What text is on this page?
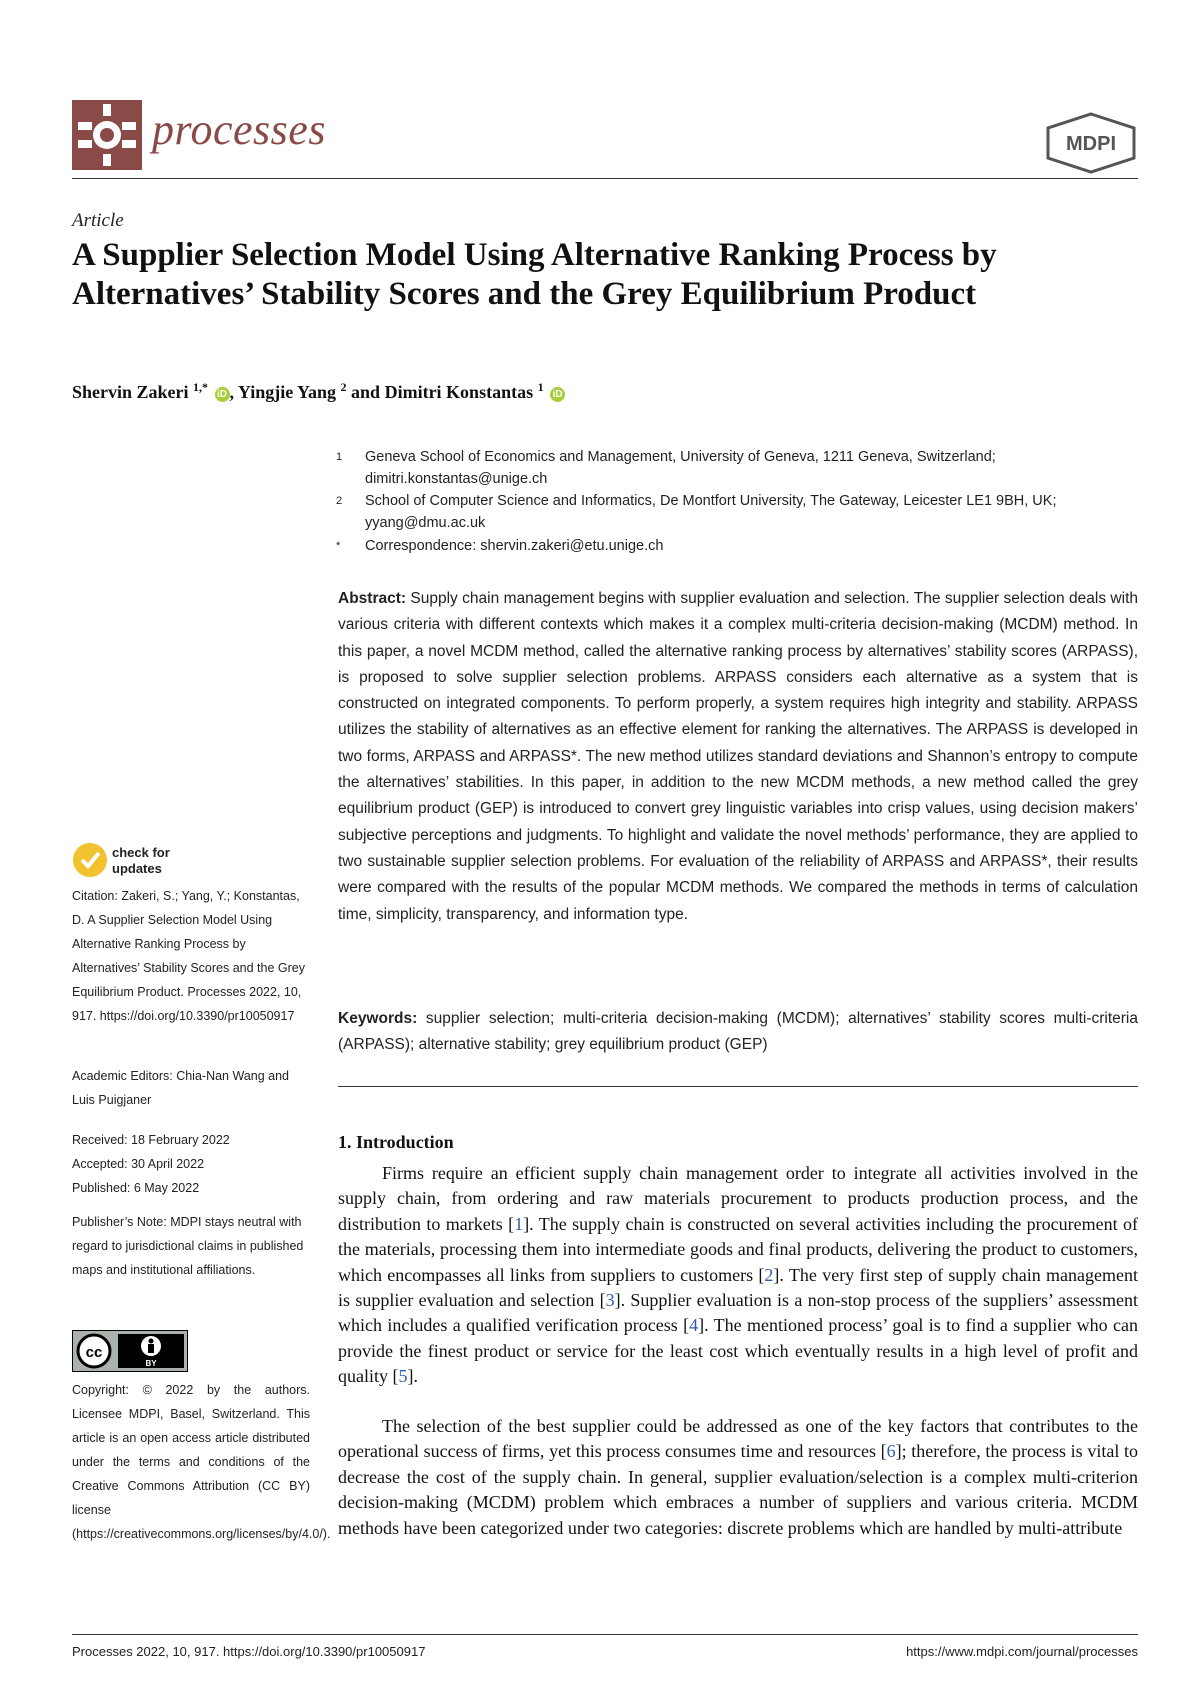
processes	MDPI
Article
A Supplier Selection Model Using Alternative Ranking Process by Alternatives’ Stability Scores and the Grey Equilibrium Product
Shervin Zakeri $^{1,*}$ iD , Yingjie Yang $^2$ and Dimitri Konstantas $^1$ iD
1 Geneva School of Economics and Management, University of Geneva, 1211 Geneva, Switzerland; dimitri.konstantas@unige.ch
2 School of Computer Science and Informatics, De Montfort University, The Gateway, Leicester LE1 9BH, UK; yyang@dmu.ac.uk
* Correspondence: shervin.zakeri@etu.unige.ch

Abstract: Supply chain management begins with supplier evaluation and selection. The supplier selection deals with various criteria with different contexts which makes it a complex multi-criteria decision-making (MCDM) method. In this paper, a novel MCDM method, called the alternative ranking process by alternatives’ stability scores (ARPASS), is proposed to solve supplier selection problems. ARPASS considers each alternative as a system that is constructed on integrated components. To perform properly, a system requires high integrity and stability. ARPASS utilizes the stability of alternatives as an effective element for ranking the alternatives. The ARPASS is developed in two forms, ARPASS and ARPASS*. The new method utilizes standard deviations and Shannon’s entropy to compute the alternatives’ stabilities. In this paper, in addition to the new MCDM methods, a new method called the grey equilibrium product (GEP) is introduced to convert grey linguistic variables into crisp values, using decision makers’ subjective perceptions and judgments. To highlight and validate the novel methods’ performance, they are applied to two sustainable supplier selection problems. For evaluation of the reliability of ARPASS and ARPASS*, their results were compared with the results of the popular MCDM methods. We compared the methods in terms of calculation time, simplicity, transparency, and information type.

Keywords: supplier selection; multi-criteria decision-making (MCDM); alternatives’ stability scores multi-criteria (ARPASS); alternative stability; grey equilibrium product (GEP)

1. Introduction

Firms require an efficient supply chain management order to integrate all activities involved in the supply chain, from ordering and raw materials procurement to products production process, and the distribution to markets [1]. The supply chain is constructed on several activities including the procurement of the materials, processing them into intermediate goods and final products, delivering the product to customers, which encompasses all links from suppliers to customers [2]. The very first step of supply chain management is supplier evaluation and selection [3]. Supplier evaluation is a non-stop process of the suppliers’ assessment which includes a qualified verification process [4]. The mentioned process’ goal is to find a supplier who can provide the finest product or service for the least cost which eventually results in a high level of profit and quality [5].

The selection of the best supplier could be addressed as one of the key factors that contributes to the operational success of firms, yet this process consumes time and resources [6]; therefore, the process is vital to decrease the cost of the supply chain. In general, supplier evaluation/selection is a complex multi-criterion decision-making (MCDM) problem which embraces a number of suppliers and various criteria. MCDM methods have been categorized under two categories: discrete problems which are handled by multi-attribute

check for
updates
Citation: Zakeri, S.; Yang, Y.; Konstantas, D. A Supplier Selection Model Using Alternative Ranking Process by Alternatives’ Stability Scores and the Grey Equilibrium Product. Processes 2022, 10, 917. https://doi.org/10.3390/pr10050917
Academic Editors: Chia-Nan Wang and Luis Puigjaner
Received: 18 February 2022
Accepted: 30 April 2022
Published: 6 May 2022
Publisher’s Note: MDPI stays neutral with regard to jurisdictional claims in published maps and institutional affiliations.
cc
BY
Copyright: © 2022 by the authors. Licensee MDPI, Basel, Switzerland. This article is an open access article distributed under the terms and conditions of the Creative Commons Attribution (CC BY) license (https://creativecommons.org/licenses/by/4.0/).
Processes 2022, 10, 917. https://doi.org/10.3390/pr10050917	https://www.mdpi.com/journal/processes
